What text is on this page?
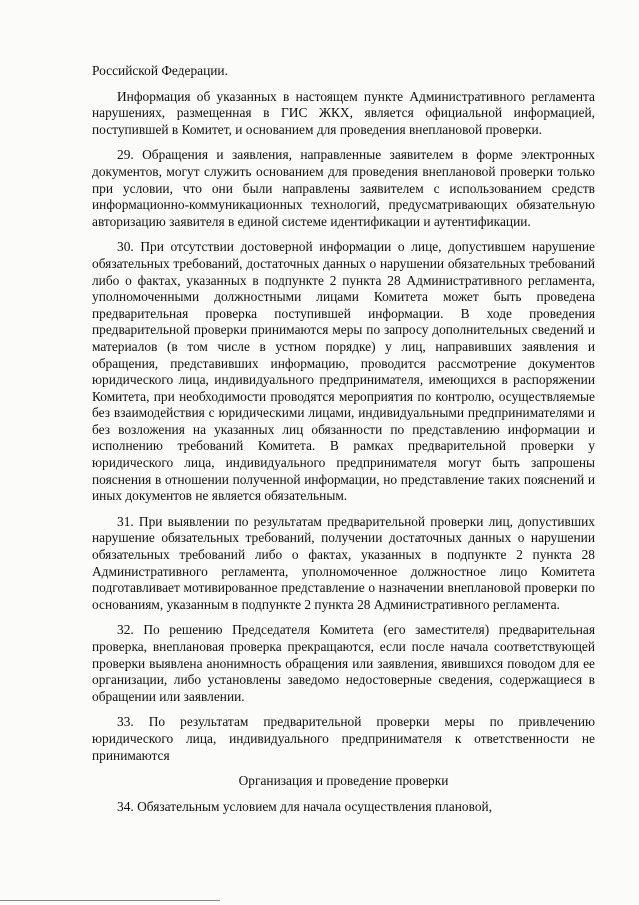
Российской Федерации.

Информация об указанных в настоящем пункте Административного регламента нарушениях, размещенная в ГИС ЖКХ, является официальной информацией, поступившей в Комитет, и основанием для проведения внеплановой проверки.

29. Обращения и заявления, направленные заявителем в форме электронных документов, могут служить основанием для проведения внеплановой проверки только при условии, что они были направлены заявителем с использованием средств информационно-коммуникационных технологий, предусматривающих обязательную авторизацию заявителя в единой системе идентификации и аутентификации.

30. При отсутствии достоверной информации о лице, допустившем нарушение обязательных требований, достаточных данных о нарушении обязательных требований либо о фактах, указанных в подпункте 2 пункта 28 Административного регламента, уполномоченными должностными лицами Комитета может быть проведена предварительная проверка поступившей информации. В ходе проведения предварительной проверки принимаются меры по запросу дополнительных сведений и материалов (в том числе в устном порядке) у лиц, направивших заявления и обращения, представивших информацию, проводится рассмотрение документов юридического лица, индивидуального предпринимателя, имеющихся в распоряжении Комитета, при необходимости проводятся мероприятия по контролю, осуществляемые без взаимодействия с юридическими лицами, индивидуальными предпринимателями и без возложения на указанных лиц обязанности по представлению информации и исполнению требований Комитета. В рамках предварительной проверки у юридического лица, индивидуального предпринимателя могут быть запрошены пояснения в отношении полученной информации, но представление таких пояснений и иных документов не является обязательным.

31. При выявлении по результатам предварительной проверки лиц, допустивших нарушение обязательных требований, получении достаточных данных о нарушении обязательных требований либо о фактах, указанных в подпункте 2 пункта 28 Административного регламента, уполномоченное должностное лицо Комитета подготавливает мотивированное представление о назначении внеплановой проверки по основаниям, указанным в подпункте 2 пункта 28 Административного регламента.

32. По решению Председателя Комитета (его заместителя) предварительная проверка, внеплановая проверка прекращаются, если после начала соответствующей проверки выявлена анонимность обращения или заявления, явившихся поводом для ее организации, либо установлены заведомо недостоверные сведения, содержащиеся в обращении или заявлении.

33. По результатам предварительной проверки меры по привлечению юридического лица, индивидуального предпринимателя к ответственности не принимаются

Организация и проведение проверки

34. Обязательным условием для начала осуществления плановой,
